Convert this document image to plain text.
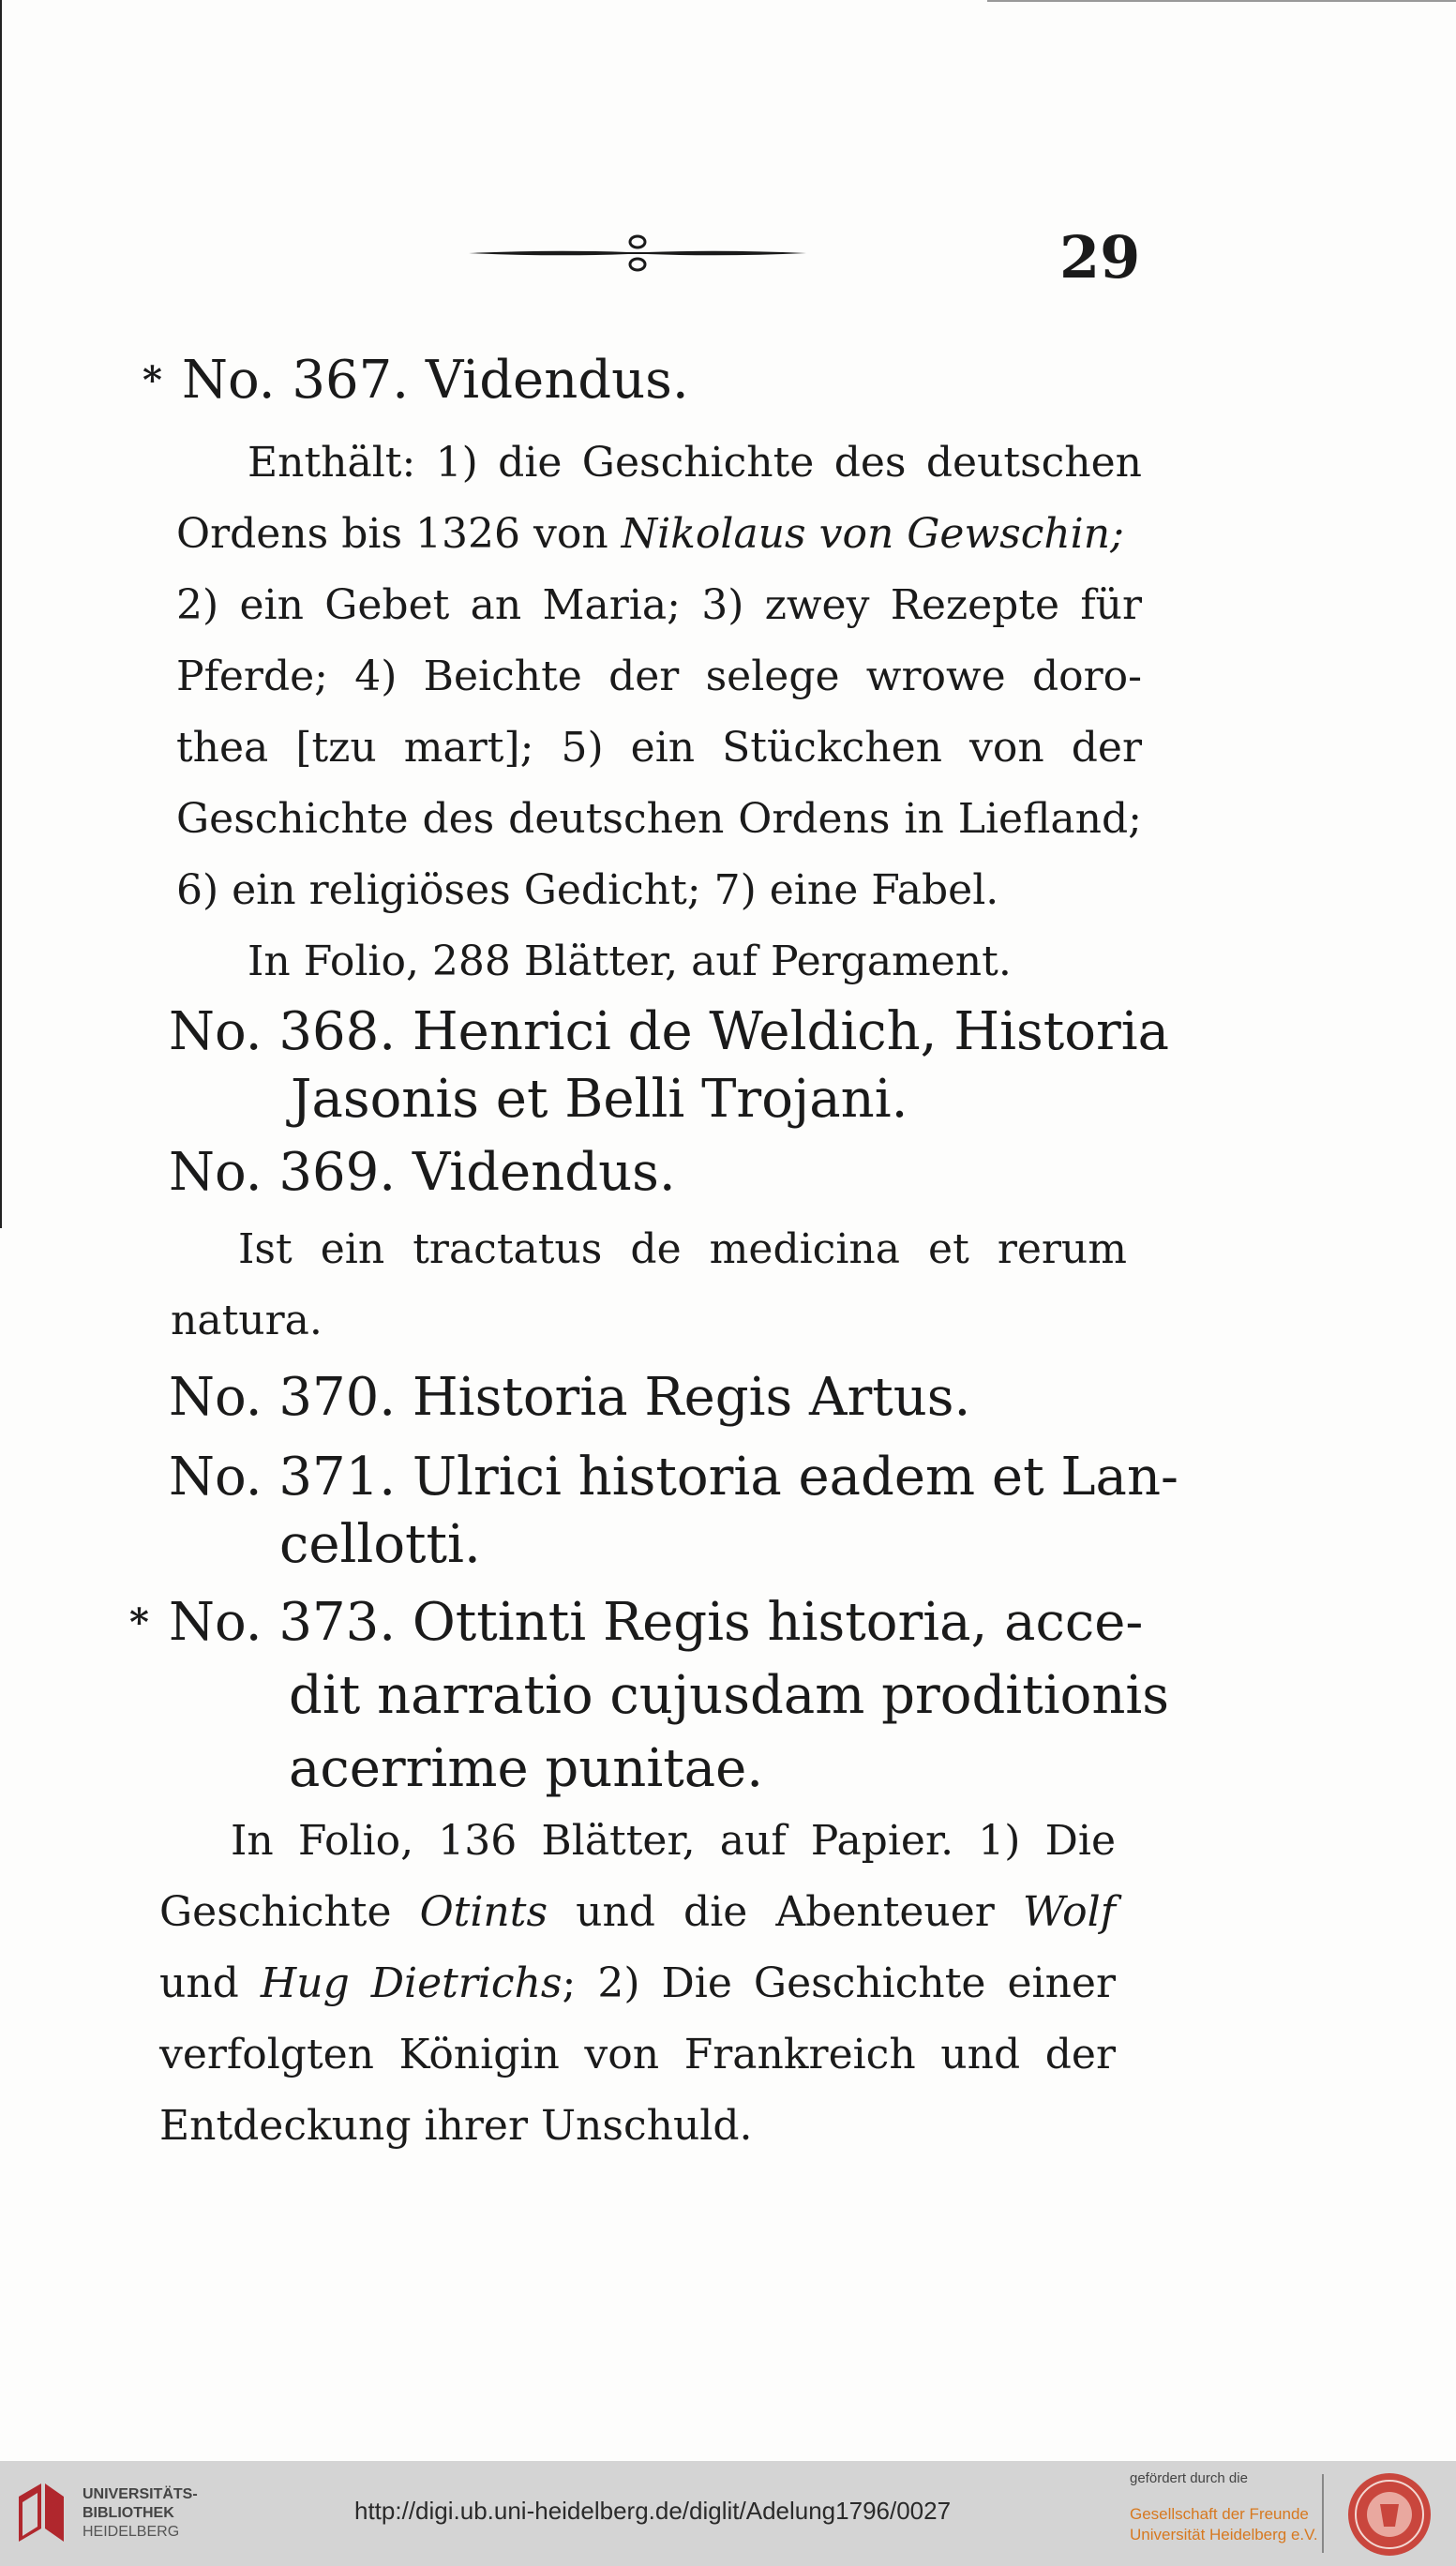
29
* No. 367. Videndus.
Enthält: 1) die Geschichte des deutschen
Ordens bis 1326 von Nikolaus von Gewschin;
2) ein Gebet an Maria; 3) zwey Rezepte für
Pferde; 4) Beichte der selege wrowe doro-
thea [tzu mart]; 5) ein Stückchen von der
Geschichte des deutschen Ordens in Liefland;
6) ein religiöses Gedicht; 7) eine Fabel.
In Folio, 288 Blätter, auf Pergament.
No. 368. Henrici de Weldich, Historia
Jasonis et Belli Trojani.
No. 369. Videndus.
Ist ein tractatus de medicina et rerum
natura.
No. 370. Historia Regis Artus.
No. 371. Ulrici historia eadem et Lan-
cellotti.
* No. 373. Ottinti Regis historia, acce-
dit narratio cujusdam proditionis
acerrime punitae.
In Folio, 136 Blätter, auf Papier. 1) Die
Geschichte Otints und die Abenteuer Wolf
und Hug Dietrichs; 2) Die Geschichte einer
verfolgten Königin von Frankreich und der
Entdeckung ihrer Unschuld.
UNIVERSITÄTS-
BIBLIOTHEK
HEIDELBERG
http://digi.ub.uni-heidelberg.de/diglit/Adelung1796/0027
gefördert durch die
Gesellschaft der Freunde
Universität Heidelberg e.V.
